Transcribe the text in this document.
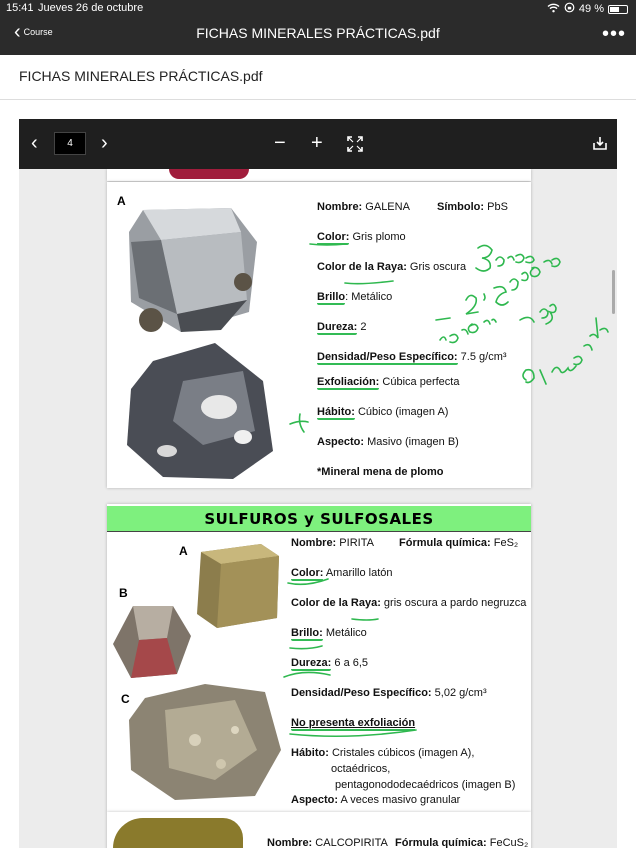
15:41 Jueves 26 de octubre	49 %
‹ Course	FICHAS MINERALES PRÁCTICAS.pdf	•••
FICHAS MINERALES PRÁCTICAS.pdf
A	Nombre: GALENA Símbolo: PbS
Color: Gris plomo
Color de la Raya: Gris oscura
Brillo: Metálico
Dureza: 2
Densidad/Peso Específico: 7.5 g/cm³
Exfoliación: Cúbica perfecta
Hábito: Cúbico (imagen A)
Aspecto: Masivo (imagen B)
*Mineral mena de plomo
SULFUROS y SULFOSALES
A
B
C
Nombre: PIRITA Fórmula química: FeS₂
Color: Amarillo latón
Color de la Raya: gris oscura a pardo negruzca
Brillo: Metálico
Dureza: 6 a 6,5
Densidad/Peso Específico: 5,02 g/cm³
No presenta exfoliación
Hábito: Cristales cúbicos (imagen A),
octaédricos,
pentagonododecaédricos (imagen B)
Aspecto: A veces masivo granular
Nombre: CALCOPIRITA Fórmula química: FeCuS₂
‹	4	›	− +
